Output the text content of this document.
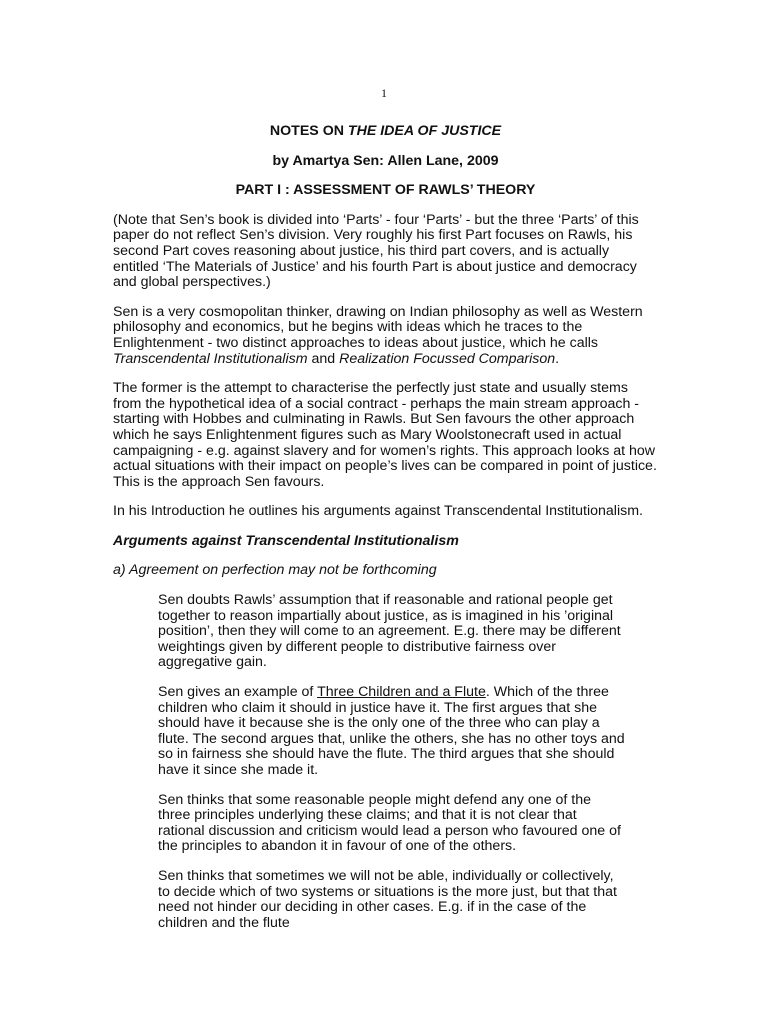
1
NOTES ON THE IDEA OF JUSTICE
by Amartya Sen: Allen Lane, 2009
PART I : ASSESSMENT OF RAWLS’ THEORY

(Note that Sen’s book is divided into ‘Parts’ - four ‘Parts’ - but the three ‘Parts’ of this paper do not reflect Sen’s division. Very roughly his first Part focuses on Rawls, his second Part coves reasoning about justice, his third part covers, and is actually entitled ‘The Materials of Justice’ and his fourth Part is about justice and democracy and global perspectives.)

Sen is a very cosmopolitan thinker, drawing on Indian philosophy as well as Western philosophy and economics, but he begins with ideas which he traces to the Enlightenment - two distinct approaches to ideas about justice, which he calls Transcendental Institutionalism and Realization Focussed Comparison.

The former is the attempt to characterise the perfectly just state and usually stems from the hypothetical idea of a social contract - perhaps the main stream approach - starting with Hobbes and culminating in Rawls. But Sen favours the other approach which he says Enlightenment figures such as Mary Woolstonecraft used in actual campaigning - e.g. against slavery and for women’s rights. This approach looks at how actual situations with their impact on people’s lives can be compared in point of justice. This is the approach Sen favours.

In his Introduction he outlines his arguments against Transcendental Institutionalism.

Arguments against Transcendental Institutionalism
a) Agreement on perfection may not be forthcoming

Sen doubts Rawls’ assumption that if reasonable and rational people get together to reason impartially about justice, as is imagined in his ’original position’, then they will come to an agreement. E.g. there may be different weightings given by different people to distributive fairness over aggregative gain.

Sen gives an example of Three Children and a Flute. Which of the three children who claim it should in justice have it. The first argues that she should have it because she is the only one of the three who can play a flute. The second argues that, unlike the others, she has no other toys and so in fairness she should have the flute. The third argues that she should have it since she made it.

Sen thinks that some reasonable people might defend any one of the three principles underlying these claims; and that it is not clear that rational discussion and criticism would lead a person who favoured one of the principles to abandon it in favour of one of the others.

Sen thinks that sometimes we will not be able, individually or collectively, to decide which of two systems or situations is the more just, but that that need not hinder our deciding in other cases. E.g. if in the case of the children and the flute
